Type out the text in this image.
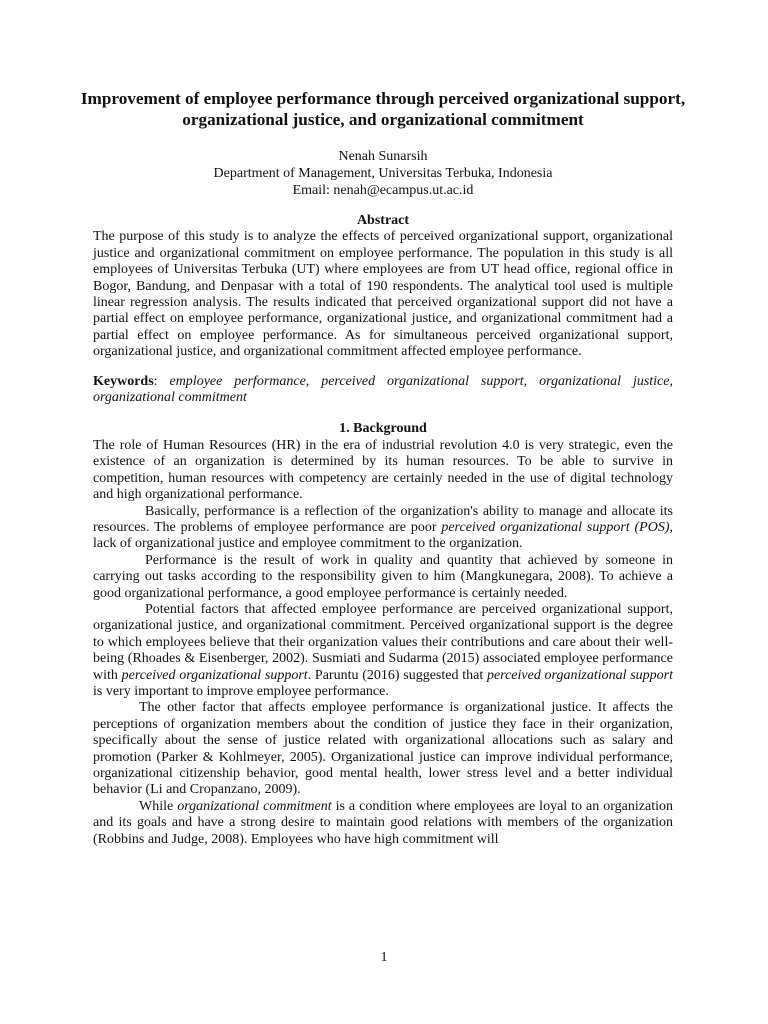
Improvement of employee performance through perceived organizational support, organizational justice, and organizational commitment
Nenah Sunarsih
Department of Management, Universitas Terbuka, Indonesia
Email: nenah@ecampus.ut.ac.id
Abstract
The purpose of this study is to analyze the effects of perceived organizational support, organizational justice and organizational commitment on employee performance. The population in this study is all employees of Universitas Terbuka (UT) where employees are from UT head office, regional office in Bogor, Bandung, and Denpasar with a total of 190 respondents. The analytical tool used is multiple linear regression analysis. The results indicated that perceived organizational support did not have a partial effect on employee performance, organizational justice, and organizational commitment had a partial effect on employee performance. As for simultaneous perceived organizational support, organizational justice, and organizational commitment affected employee performance.
Keywords: employee performance, perceived organizational support, organizational justice, organizational commitment
1. Background
The role of Human Resources (HR) in the era of industrial revolution 4.0 is very strategic, even the existence of an organization is determined by its human resources. To be able to survive in competition, human resources with competency are certainly needed in the use of digital technology and high organizational performance.
Basically, performance is a reflection of the organization's ability to manage and allocate its resources. The problems of employee performance are poor perceived organizational support (POS), lack of organizational justice and employee commitment to the organization.
Performance is the result of work in quality and quantity that achieved by someone in carrying out tasks according to the responsibility given to him (Mangkunegara, 2008). To achieve a good organizational performance, a good employee performance is certainly needed.
Potential factors that affected employee performance are perceived organizational support, organizational justice, and organizational commitment. Perceived organizational support is the degree to which employees believe that their organization values their contributions and care about their well-being (Rhoades & Eisenberger, 2002). Susmiati and Sudarma (2015) associated employee performance with perceived organizational support. Paruntu (2016) suggested that perceived organizational support is very important to improve employee performance.
The other factor that affects employee performance is organizational justice. It affects the perceptions of organization members about the condition of justice they face in their organization, specifically about the sense of justice related with organizational allocations such as salary and promotion (Parker & Kohlmeyer, 2005). Organizational justice can improve individual performance, organizational citizenship behavior, good mental health, lower stress level and a better individual behavior (Li and Cropanzano, 2009).
While organizational commitment is a condition where employees are loyal to an organization and its goals and have a strong desire to maintain good relations with members of the organization (Robbins and Judge, 2008). Employees who have high commitment will
1
